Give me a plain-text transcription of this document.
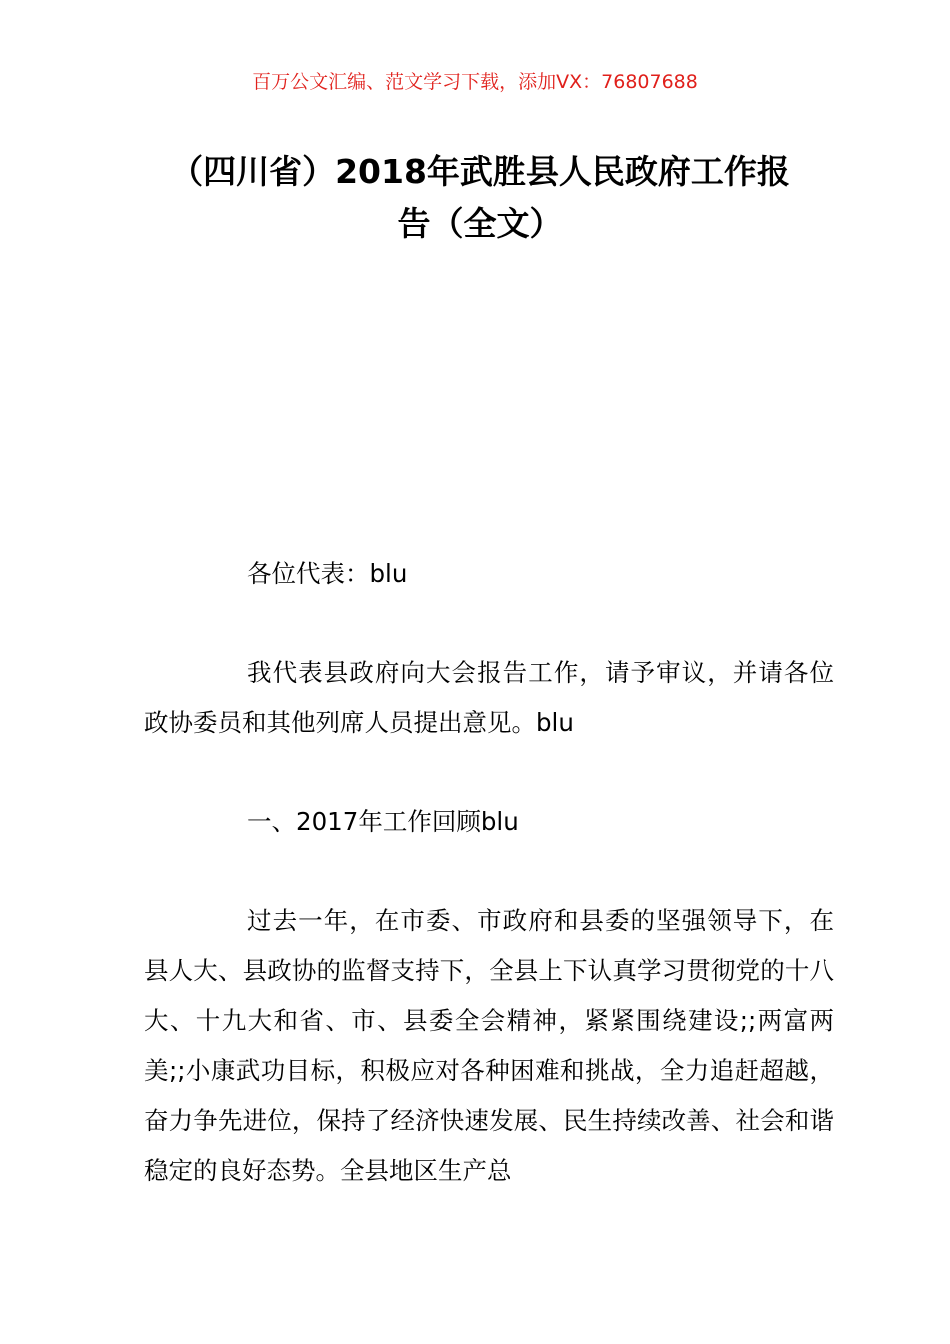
百万公文汇编、范文学习下载，添加VX：76807688
（四川省）2018年武胜县人民政府工作报
告（全文）

各位代表：blu

我代表县政府向大会报告工作，请予审议，并请各位政协委员和其他列席人员提出意见。blu

一、2017年工作回顾blu

过去一年，在市委、市政府和县委的坚强领导下，在县人大、县政协的监督支持下，全县上下认真学习贯彻党的十八大、十九大和省、市、县委全会精神，紧紧围绕建设;;两富两美;;小康武功目标，积极应对各种困难和挑战，全力追赶超越，奋力争先进位，保持了经济快速发展、民生持续改善、社会和谐稳定的良好态势。全县地区生产总
